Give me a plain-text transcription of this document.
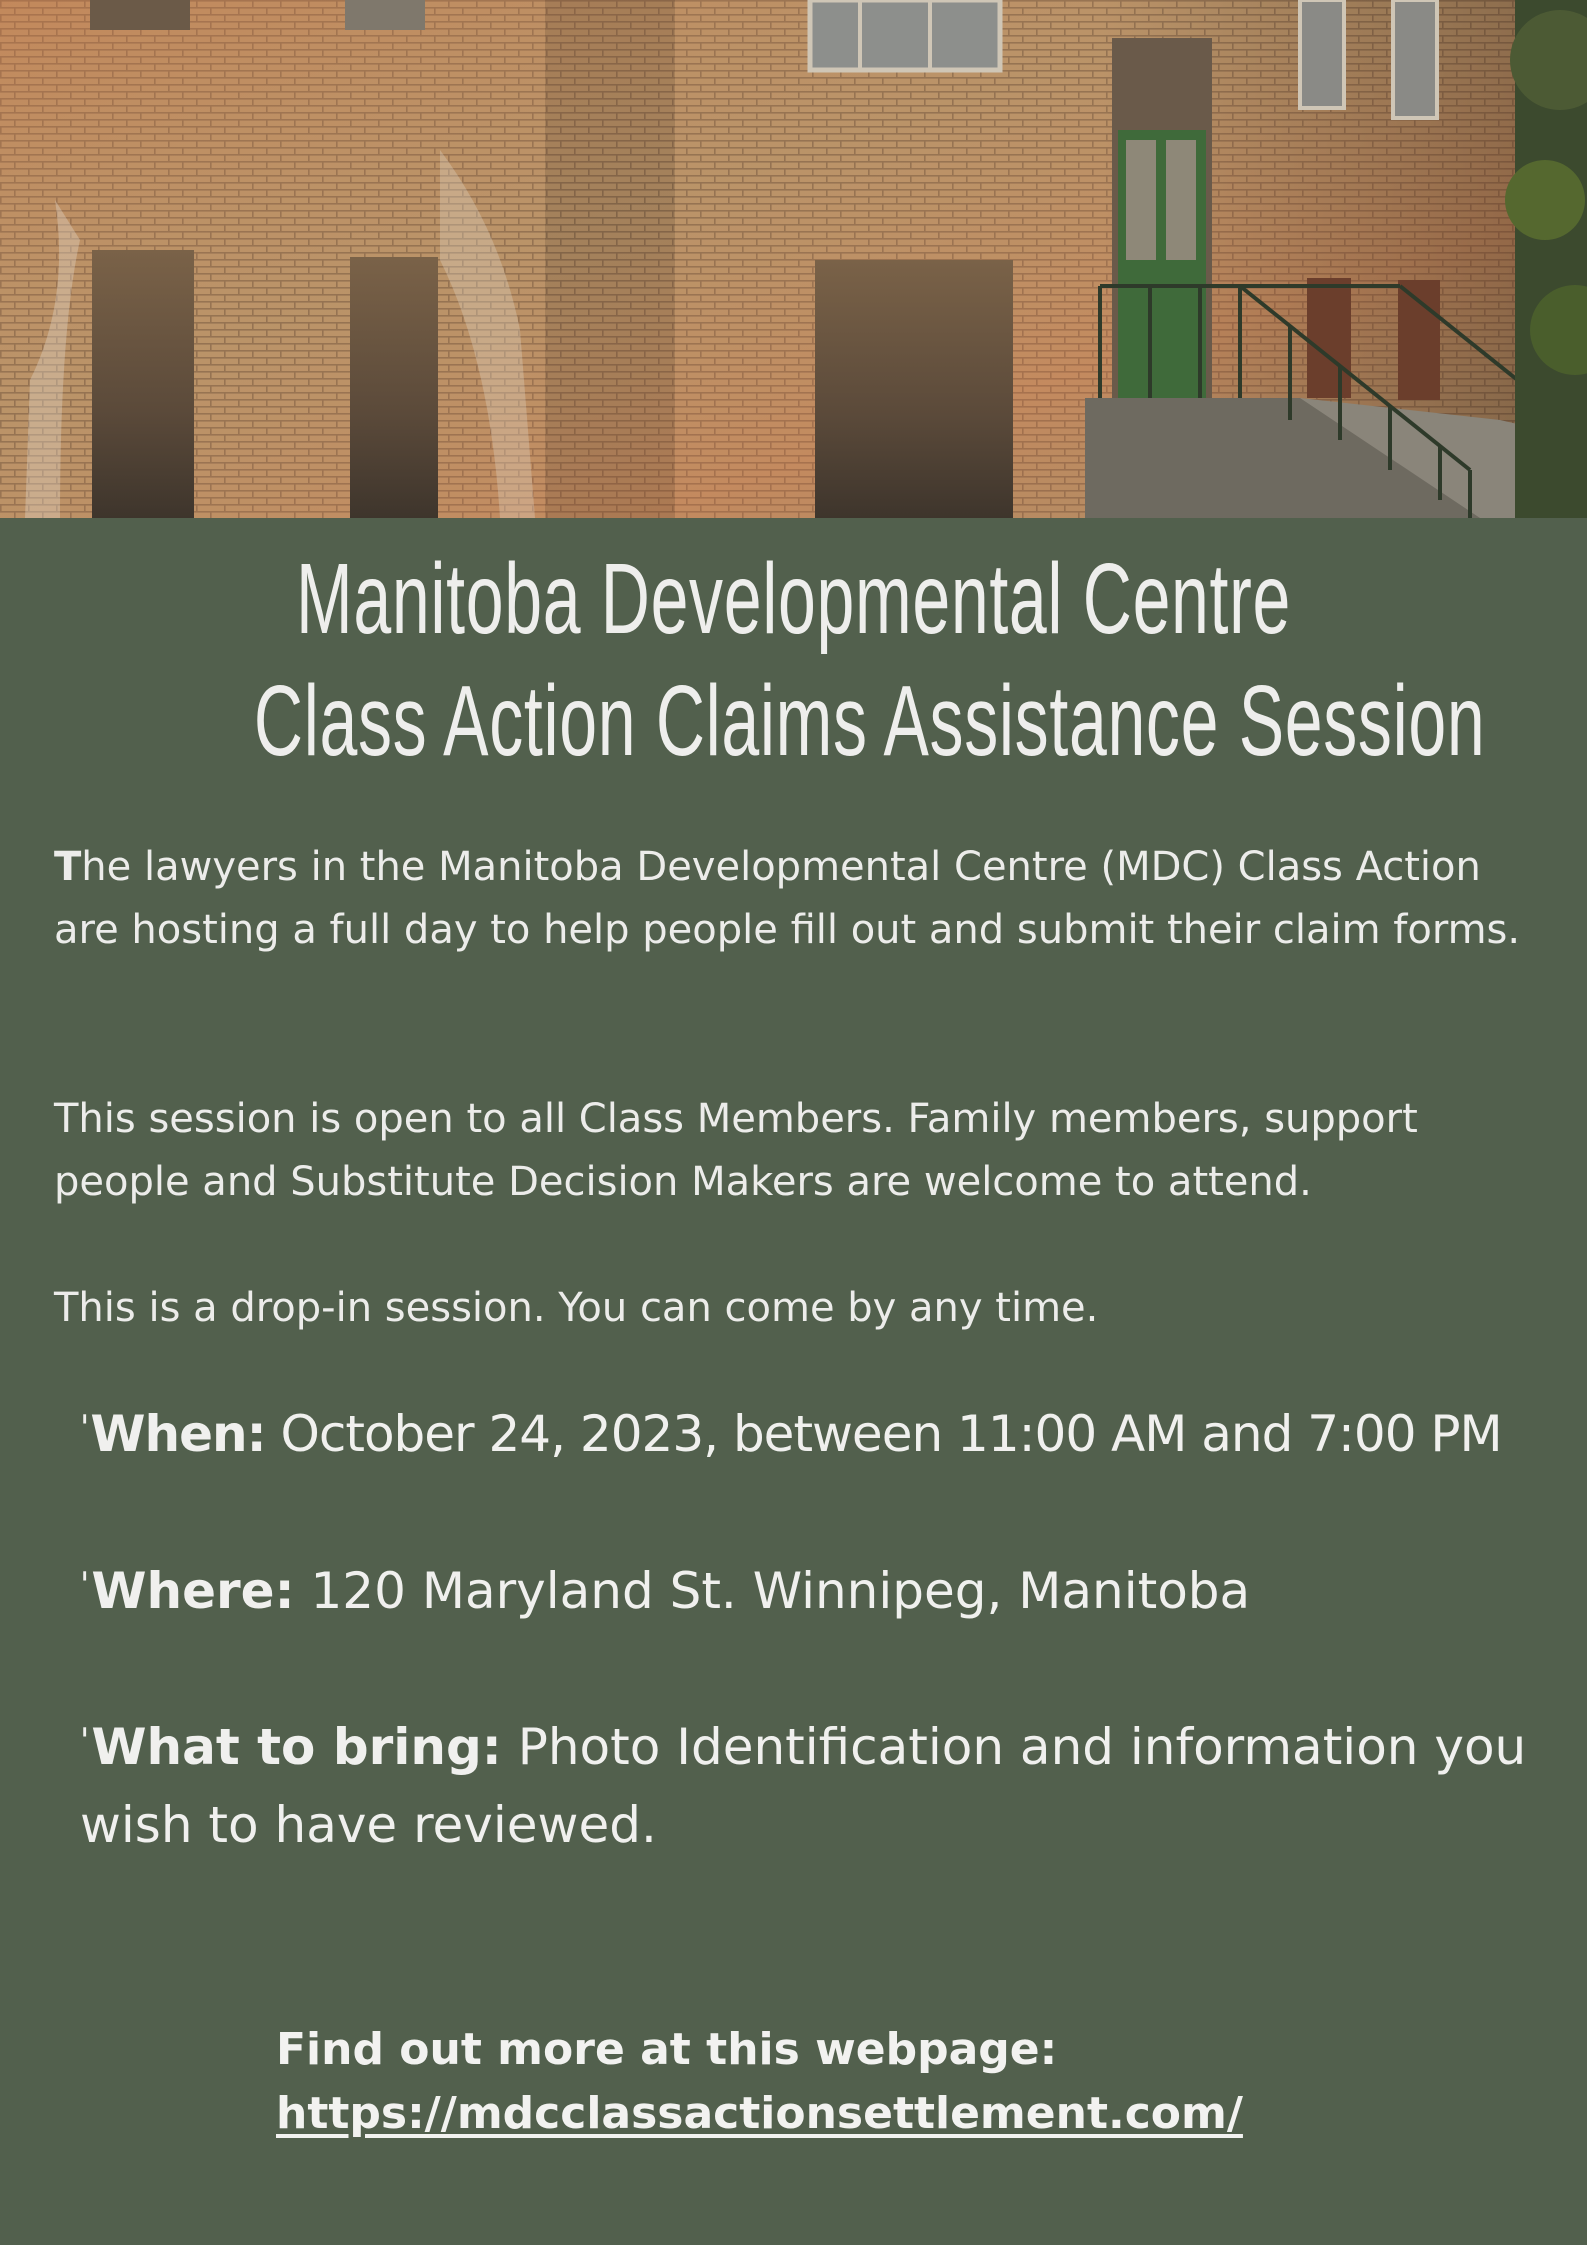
Manitoba Developmental Centre
Class Action Claims Assistance Session

The lawyers in the Manitoba Developmental Centre (MDC) Class Action are hosting a full day to help people fill out and submit their claim forms.

This session is open to all Class Members. Family members, support people and Substitute Decision Makers are welcome to attend.

This is a drop-in session. You can come by any time.

'When: October 24, 2023, between 11:00 AM and 7:00 PM
'Where: 120 Maryland St. Winnipeg, Manitoba
'What to bring: Photo Identification and information you wish to have reviewed.
Find out more at this webpage:
https://mdcclassactionsettlement.com/
